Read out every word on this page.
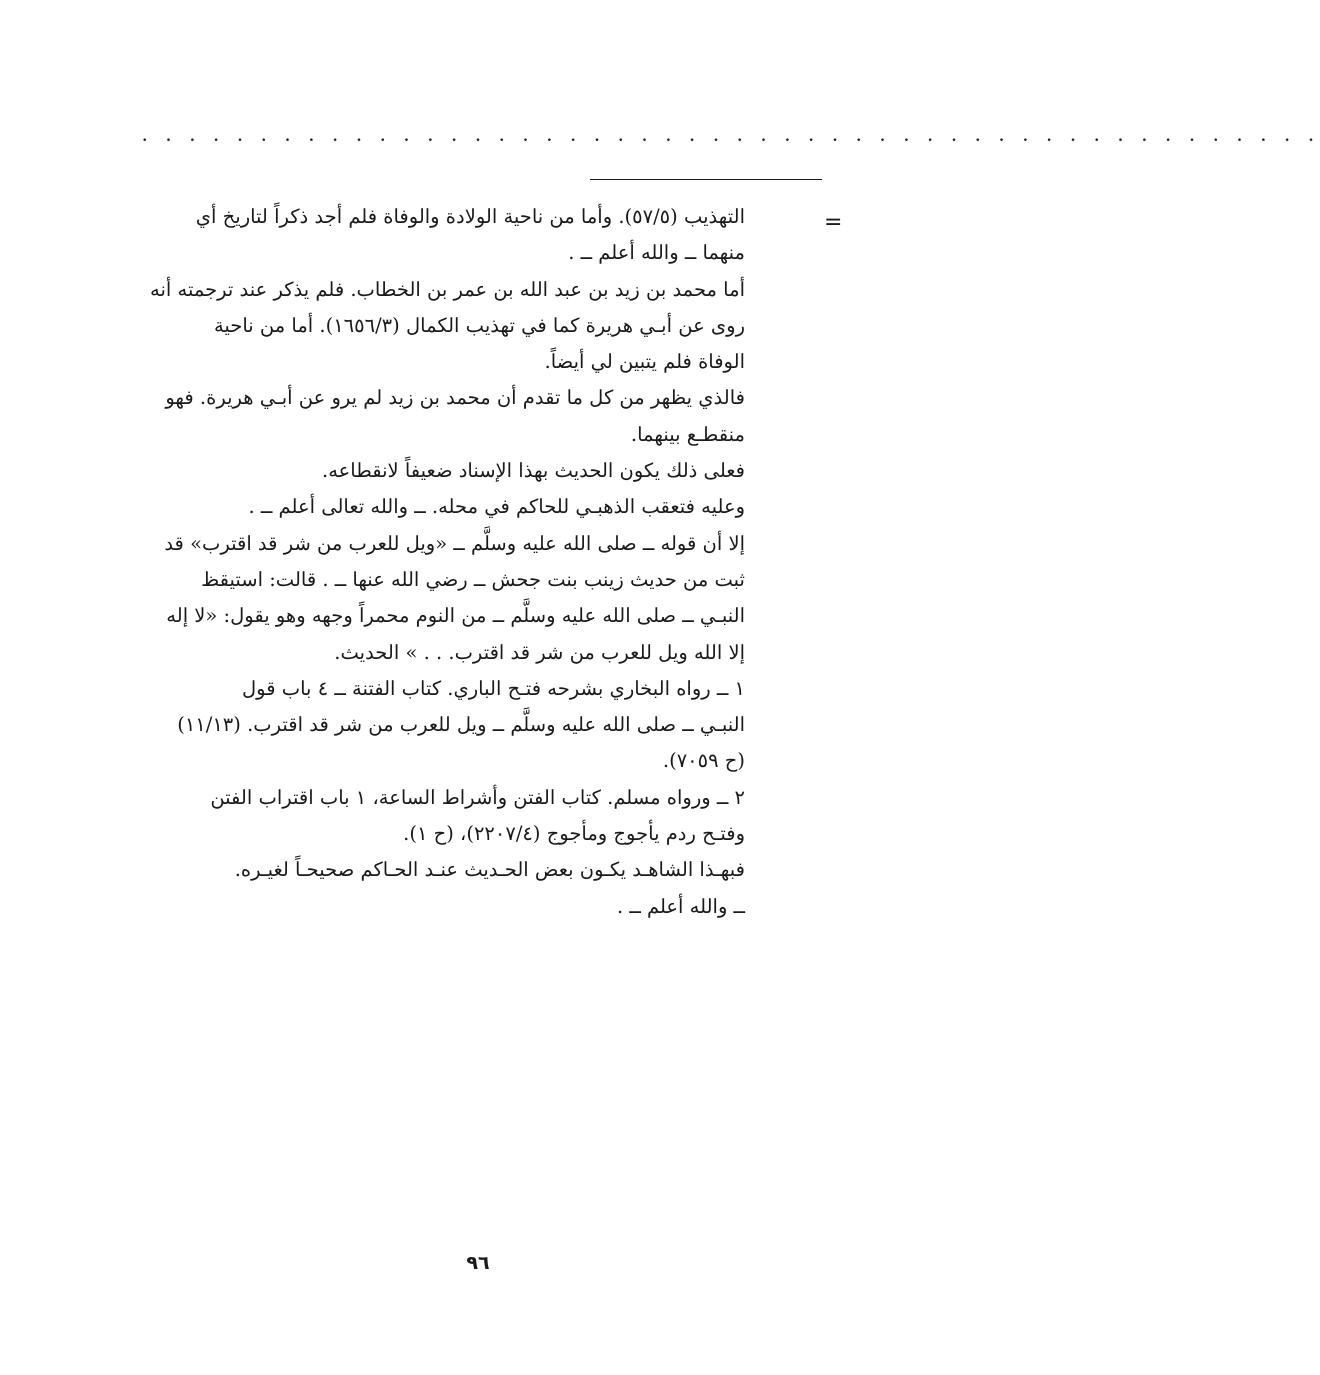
. . . . . . . . . . . . . . . . . . . . . . . . . . . . . . . . . . . . . . . . . . . . . . . . . .
=

التهذيب (٥٧/٥). وأما من ناحية الولادة والوفاة فلم أجد ذكراً لتاريخ أي

منهما ــ والله أعلم ــ .

أما محمد بن زيد بن عبد الله بن عمر بن الخطاب. فلم يذكر عند ترجمته أنه

روى عن أبـي هريرة كما في تهذيب الكمال (١٦٥٦/٣). أما من ناحية

الوفاة فلم يتبين لي أيضاً.

فالذي يظهر من كل ما تقدم أن محمد بن زيد لم يرو عن أبـي هريرة. فهو

منقطـع بينهما.

فعلى ذلك يكون الحديث بهذا الإسناد ضعيفاً لانقطاعه.

وعليه فتعقب الذهبـي للحاكم في محله. ــ والله تعالى أعلم ــ .

إلا أن قوله ــ صلى الله عليه وسلَّم ــ «ويل للعرب من شر قد اقترب» قد

ثبت من حديث زينب بنت جحش ــ رضي الله عنها ــ . قالت: استيقظ

النبـي ــ صلى الله عليه وسلَّم ــ من النوم محمراً وجهه وهو يقول: «لا إله

إلا الله ويل للعرب من شر قد اقترب. . . » الحديث.

١ ــ رواه البخاري بشرحه فتـح الباري. كتاب الفتنة ــ ٤ باب قول

النبـي ــ صلى الله عليه وسلَّم ــ ويل للعرب من شر قد اقترب. (١١/١٣)

(ح ٧٠٥٩).

٢ ــ ورواه مسلم. كتاب الفتن وأشراط الساعة، ١ باب اقتراب الفتن

وفتـح ردم يأجوج ومأجوج (٢٢٠٧/٤)، (ح ١).

فبهـذا الشاهـد يكـون بعض الحـديث عنـد الحـاكم صحيحـاً لغيـره.

ــ والله أعلم ــ .

٩٦
